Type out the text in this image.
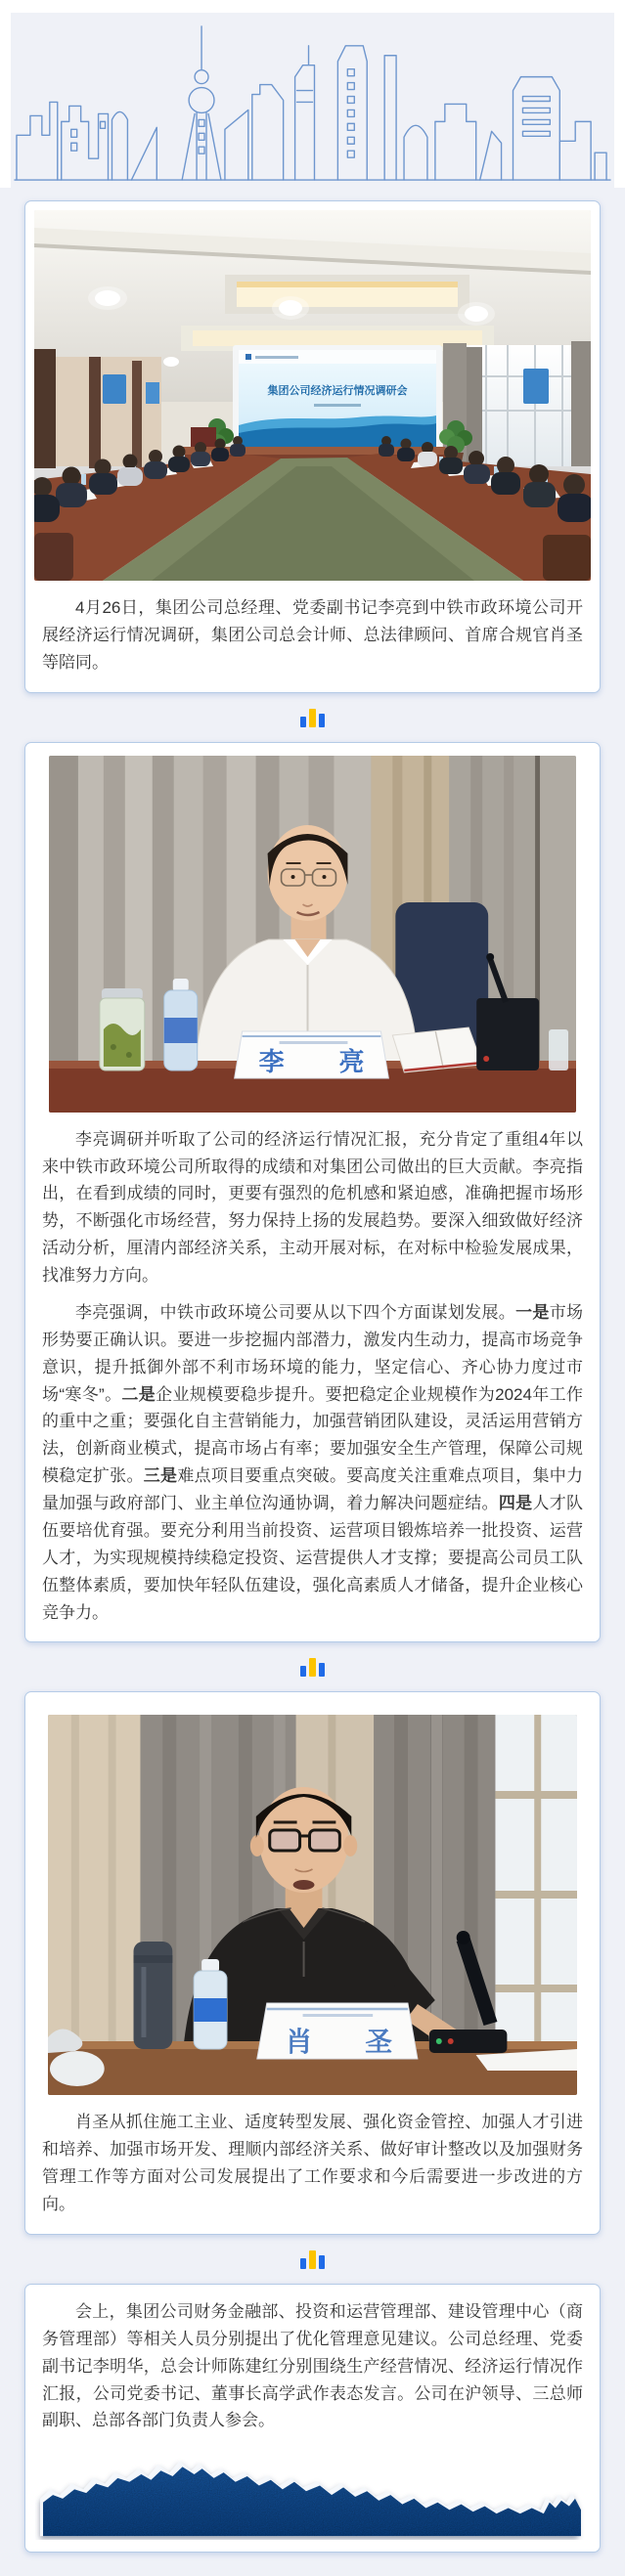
集团公司经济运行情况调研会

4月26日，集团公司总经理、党委副书记李亮到中铁市政环境公司开展经济运行情况调研，集团公司总会计师、总法律顾问、首席合规官肖圣等陪同。

李 亮

李亮调研并听取了公司的经济运行情况汇报，充分肯定了重组4年以来中铁市政环境公司所取得的成绩和对集团公司做出的巨大贡献。李亮指出，在看到成绩的同时，更要有强烈的危机感和紧迫感，准确把握市场形势，不断强化市场经营，努力保持上扬的发展趋势。要深入细致做好经济活动分析，厘清内部经济关系，主动开展对标，在对标中检验发展成果，找准努力方向。

李亮强调，中铁市政环境公司要从以下四个方面谋划发展。一是市场形势要正确认识。要进一步挖掘内部潜力，激发内生动力，提高市场竞争意识，提升抵御外部不利市场环境的能力，坚定信心、齐心协力度过市场“寒冬”。二是企业规模要稳步提升。要把稳定企业规模作为2024年工作的重中之重；要强化自主营销能力，加强营销团队建设，灵活运用营销方法，创新商业模式，提高市场占有率；要加强安全生产管理，保障公司规模稳定扩张。三是难点项目要重点突破。要高度关注重难点项目，集中力量加强与政府部门、业主单位沟通协调，着力解决问题症结。四是人才队伍要培优育强。要充分利用当前投资、运营项目锻炼培养一批投资、运营人才，为实现规模持续稳定投资、运营提供人才支撑；要提高公司员工队伍整体素质，要加快年轻队伍建设，强化高素质人才储备，提升企业核心竞争力。

肖 圣

肖圣从抓住施工主业、适度转型发展、强化资金管控、加强人才引进和培养、加强市场开发、理顺内部经济关系、做好审计整改以及加强财务管理工作等方面对公司发展提出了工作要求和今后需要进一步改进的方向。

会上，集团公司财务金融部、投资和运营管理部、建设管理中心（商务管理部）等相关人员分别提出了优化管理意见建议。公司总经理、党委副书记李明华，总会计师陈建红分别围绕生产经营情况、经济运行情况作汇报，公司党委书记、董事长高学武作表态发言。公司在沪领导、三总师副职、总部各部门负责人参会。
